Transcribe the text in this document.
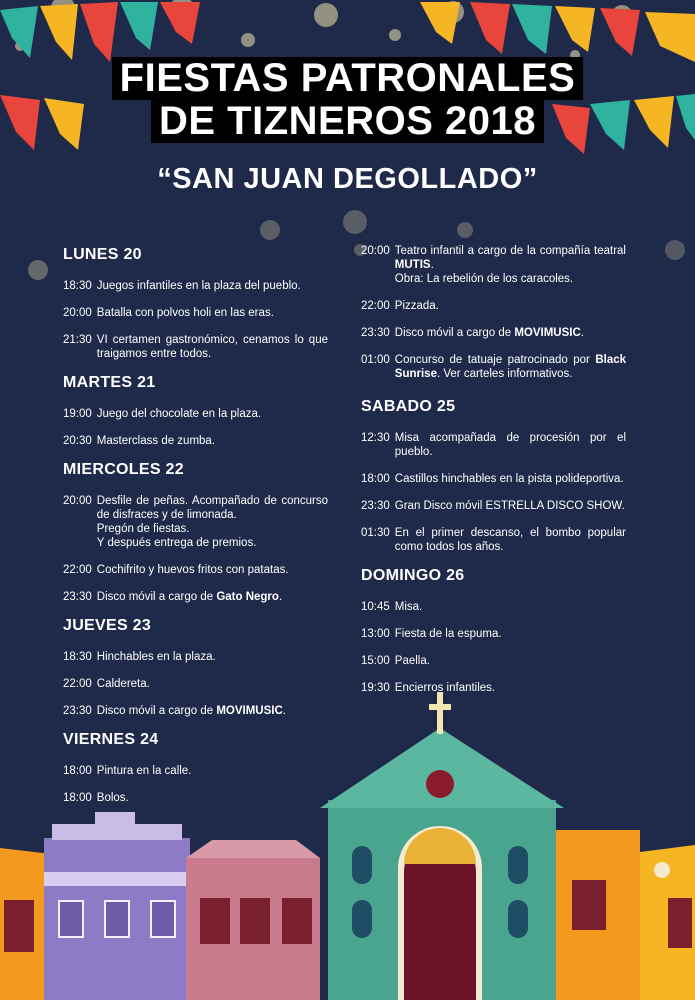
FIESTAS PATRONALES
DE TIZNEROS 2018
“SAN JUAN DEGOLLADO”
LUNES 20
18:30 Juegos infantiles en la plaza del pueblo.
20:00 Batalla con polvos holi en las eras.
21:30 VI certamen gastronómico, cenamos lo que traigamos entre todos.
MARTES 21
19:00 Juego del chocolate en la plaza.
20:30 Masterclass de zumba.
MIERCOLES 22
20:00 Desfile de peñas. Acompañado de concurso de disfraces y de limonada.
Pregón de fiestas.
Y después entrega de premios.
22:00 Cochifrito y huevos fritos con patatas.
23:30 Disco móvil a cargo de Gato Negro.
JUEVES 23
18:30 Hinchables en la plaza.
22:00 Caldereta.
23:30 Disco móvil a cargo de MOVIMUSIC.
VIERNES 24
18:00 Pintura en la calle.
18:00 Bolos.
20:00 Teatro infantil a cargo de la compañía teatral MUTIS.
Obra: La rebelión de los caracoles.
22:00 Pizzada.
23:30 Disco móvil a cargo de MOVIMUSIC.
01:00 Concurso de tatuaje patrocinado por Black Sunrise. Ver carteles informativos.
SABADO 25
12:30 Misa acompañada de procesión por el pueblo.
18:00 Castillos hinchables en la pista polideportiva.
23:30 Gran Disco móvil ESTRELLA DISCO SHOW.
01:30 En el primer descanso, el bombo popular como todos los años.
DOMINGO 26
10:45 Misa.
13:00 Fiesta de la espuma.
15:00 Paella.
19:30 Encierros infantiles.
